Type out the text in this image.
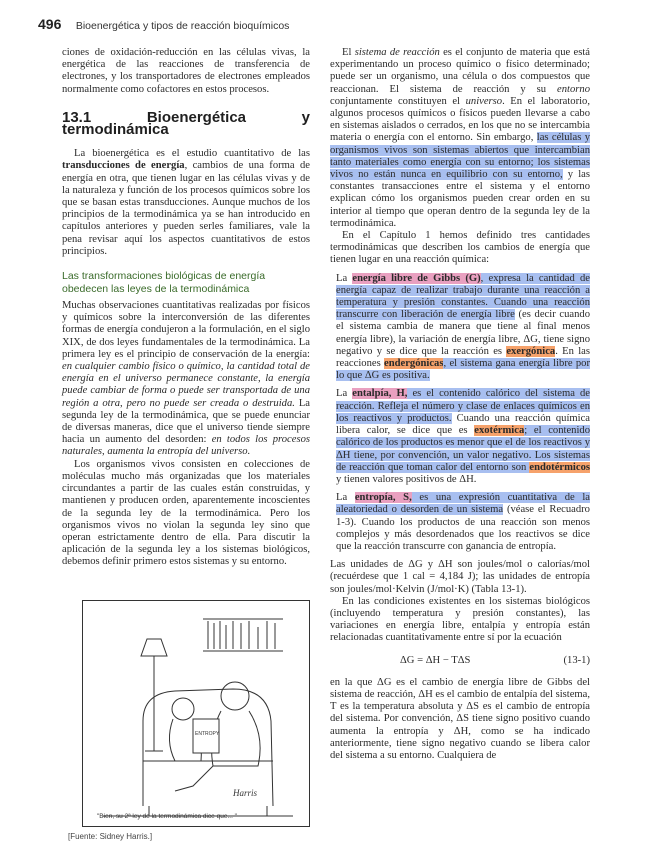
496 Bioenergética y tipos de reacción bioquímicos

ciones de oxidación-reducción en las células vivas, la energética de las reacciones de transferencia de electrones, y los transportadores de electrones empleados normalmente como cofactores en estos procesos.

13.1 Bioenergética y termodinámica

La bioenergética es el estudio cuantitativo de las transducciones de energía, cambios de una forma de energía en otra, que tienen lugar en las células vivas y de la naturaleza y función de los procesos químicos sobre los que se basan estas transducciones. Aunque muchos de los principios de la termodinámica ya se han introducido en capítulos anteriores y pueden serles familiares, vale la pena revisar aquí los aspectos cuantitativos de estos principios.

Las transformaciones biológicas de energía
obedecen las leyes de la termodinámica

Muchas observaciones cuantitativas realizadas por físicos y químicos sobre la interconversión de las diferentes formas de energía condujeron a la formulación, en el siglo XIX, de dos leyes fundamentales de la termodinámica. La primera ley es el principio de conservación de la energía: en cualquier cambio físico o químico, la cantidad total de energía en el universo permanece constante, la energía puede cambiar de forma o puede ser transportada de una región a otra, pero no puede ser creada o destruida. La segunda ley de la termodinámica, que se puede enunciar de diversas maneras, dice que el universo tiende siempre hacia un aumento del desorden: en todos los procesos naturales, aumenta la entropía del universo.

Los organismos vivos consisten en colecciones de moléculas mucho más organizadas que los materiales circundantes a partir de las cuales están construidas, y mantienen y producen orden, aparentemente incoscientes de la segunda ley de la termodinámica. Pero los organismos vivos no violan la segunda ley sino que operan estrictamente dentro de ella. Para discutir la aplicación de la segunda ley a los sistemas biológicos, debemos definir primero estos sistemas y su entorno.

ENTROPY
Harris
"Bien, su 2ª ley de la termodinámica dice que... "
[Fuente: Sidney Harris.]

El sistema de reacción es el conjunto de materia que está experimentando un proceso químico o físico determinado; puede ser un organismo, una célula o dos compuestos que reaccionan. El sistema de reacción y su entorno conjuntamente constituyen el universo. En el laboratorio, algunos procesos químicos o físicos pueden llevarse a cabo en sistemas aislados o cerrados, en los que no se intercambia materia o energía con el entorno. Sin embargo, las células y organismos vivos son sistemas abiertos que intercambian tanto materiales como energía con su entorno; los sistemas vivos no están nunca en equilibrio con su entorno, y las constantes transacciones entre el sistema y el entorno explican cómo los organismos pueden crear orden en su interior al tiempo que operan dentro de la segunda ley de la termodinámica.

En el Capítulo 1 hemos definido tres cantidades termodinámicas que describen los cambios de energía que tienen lugar en una reacción química:

La energía libre de Gibbs (G), expresa la cantidad de energía capaz de realizar trabajo durante una reacción a temperatura y presión constantes. Cuando una reacción transcurre con liberación de energía libre (es decir cuando el sistema cambia de manera que tiene al final menos energía libre), la variación de energía libre, ΔG, tiene signo negativo y se dice que la reacción es exergónica. En las reacciones endergónicas, el sistema gana energía libre por lo que ΔG es positiva.
La entalpía, H, es el contenido calórico del sistema de reacción. Refleja el número y clase de enlaces químicos en los reactivos y productos. Cuando una reacción química libera calor, se dice que es exotérmica; el contenido calórico de los productos es menor que el de los reactivos y ΔH tiene, por convención, un valor negativo. Los sistemas de reacción que toman calor del entorno son endotérmicos y tienen valores positivos de ΔH.
La entropía, S, es una expresión cuantitativa de la aleatoriedad o desorden de un sistema (véase el Recuadro 1-3). Cuando los productos de una reacción son menos complejos y más desordenados que los reactivos se dice que la reacción transcurre con ganancia de entropía.

Las unidades de ΔG y ΔH son joules/mol o calorías/mol (recuérdese que 1 cal = 4,184 J); las unidades de entropía son joules/mol·Kelvin (J/mol·K) (Tabla 13-1).

En las condiciones existentes en los sistemas biológicos (incluyendo temperatura y presión constantes), las variaciones en energía libre, entalpía y entropía están relacionadas cuantitativamente entre sí por la ecuación

ΔG = ΔH − TΔS	(13-1)

en la que ΔG es el cambio de energía libre de Gibbs del sistema de reacción, ΔH es el cambio de entalpía del sistema, T es la temperatura absoluta y ΔS es el cambio de entropía del sistema. Por convención, ΔS tiene signo positivo cuando aumenta la entropía y ΔH, como se ha indicado anteriormente, tiene signo negativo cuando se libera calor del sistema a su entorno. Cualquiera de
